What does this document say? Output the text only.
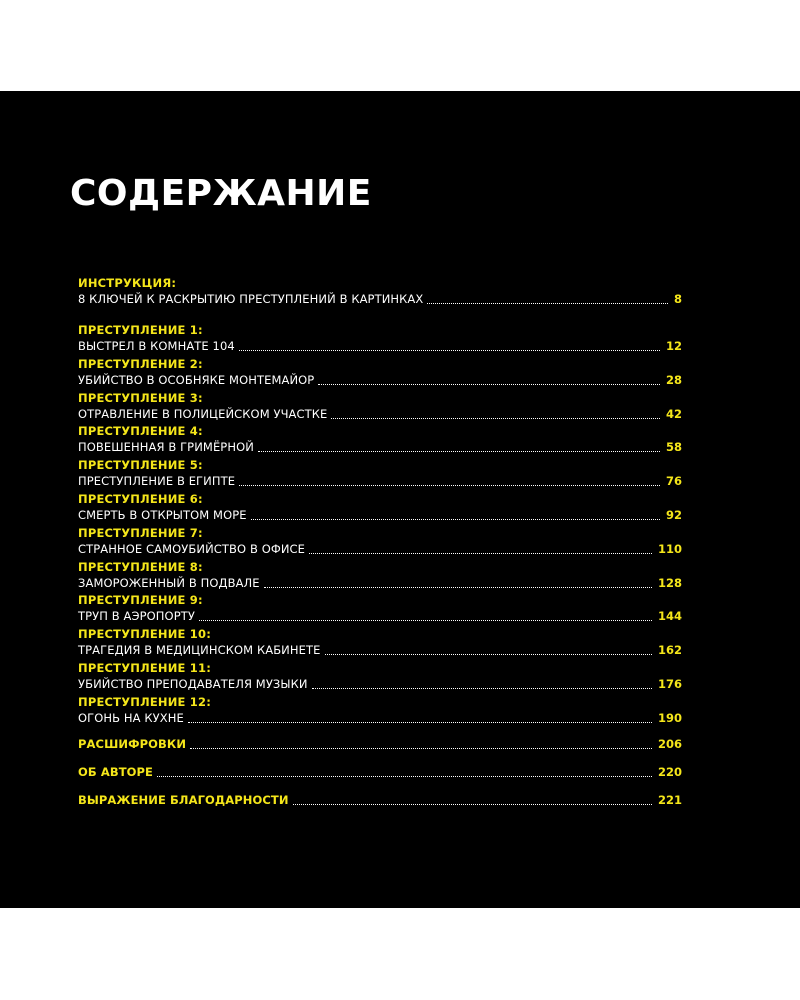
СОДЕРЖАНИЕ
ИНСТРУКЦИЯ:
8 КЛЮЧЕЙ К РАСКРЫТИЮ ПРЕСТУПЛЕНИЙ В КАРТИНКАХ	8
ПРЕСТУПЛЕНИЕ 1:
ВЫСТРЕЛ В КОМНАТЕ 104	12
ПРЕСТУПЛЕНИЕ 2:
УБИЙСТВО В ОСОБНЯКЕ МОНТЕМАЙОР	28
ПРЕСТУПЛЕНИЕ 3:
ОТРАВЛЕНИЕ В ПОЛИЦЕЙСКОМ УЧАСТКЕ	42
ПРЕСТУПЛЕНИЕ 4:
ПОВЕШЕННАЯ В ГРИМЁРНОЙ	58
ПРЕСТУПЛЕНИЕ 5:
ПРЕСТУПЛЕНИЕ В ЕГИПТЕ	76
ПРЕСТУПЛЕНИЕ 6:
СМЕРТЬ В ОТКРЫТОМ МОРЕ	92
ПРЕСТУПЛЕНИЕ 7:
СТРАННОЕ САМОУБИЙСТВО В ОФИСЕ	110
ПРЕСТУПЛЕНИЕ 8:
ЗАМОРОЖЕННЫЙ В ПОДВАЛЕ	128
ПРЕСТУПЛЕНИЕ 9:
ТРУП В АЭРОПОРТУ	144
ПРЕСТУПЛЕНИЕ 10:
ТРАГЕДИЯ В МЕДИЦИНСКОМ КАБИНЕТЕ	162
ПРЕСТУПЛЕНИЕ 11:
УБИЙСТВО ПРЕПОДАВАТЕЛЯ МУЗЫКИ	176
ПРЕСТУПЛЕНИЕ 12:
ОГОНЬ НА КУХНЕ	190
РАСШИФРОВКИ	206
ОБ АВТОРЕ	220
ВЫРАЖЕНИЕ БЛАГОДАРНОСТИ	221
